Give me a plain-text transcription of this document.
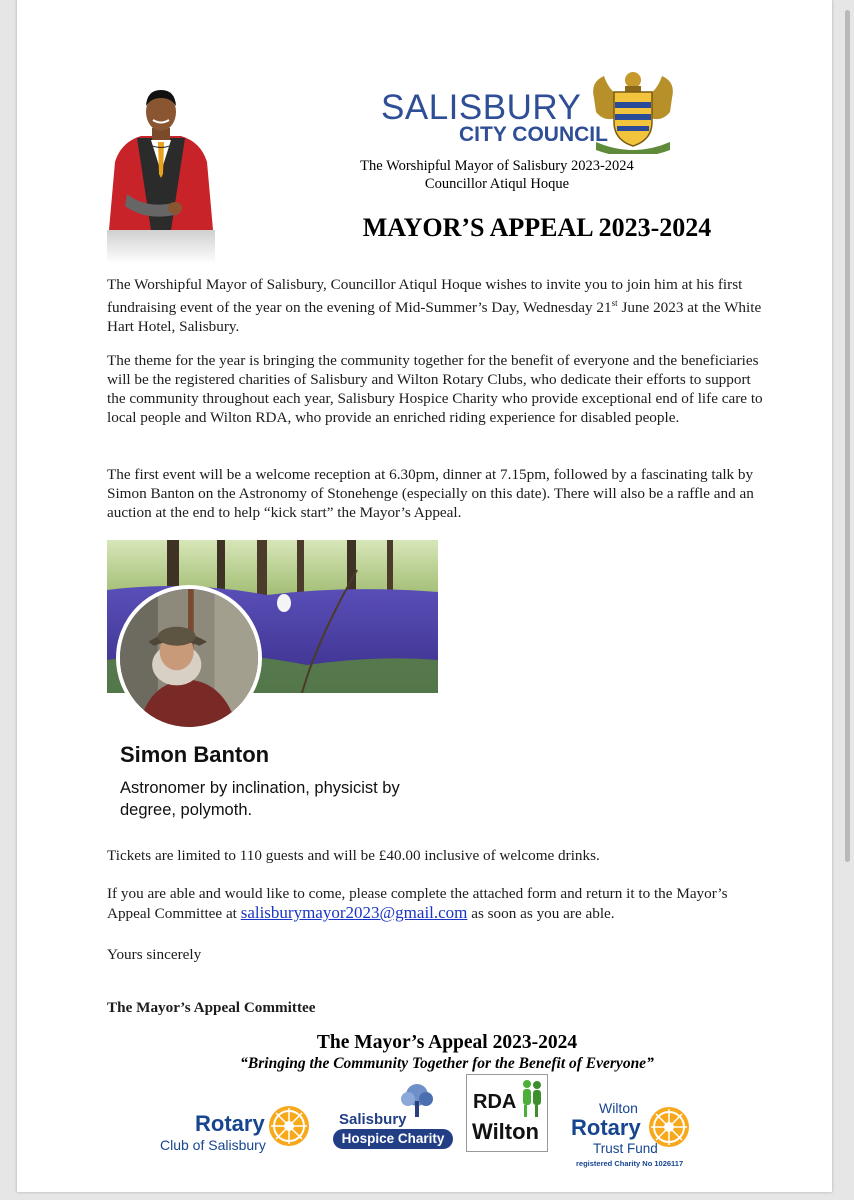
SALISBURY
CITY COUNCIL
The Worshipful Mayor of Salisbury 2023-2024
Councillor Atiqul Hoque
MAYOR’S APPEAL 2023-2024
The Worshipful Mayor of Salisbury, Councillor Atiqul Hoque wishes to invite you to join him at his first fundraising event of the year on the evening of Mid-Summer’s Day, Wednesday 21st June 2023 at the White Hart Hotel, Salisbury.
The theme for the year is bringing the community together for the benefit of everyone and the beneficiaries will be the registered charities of Salisbury and Wilton Rotary Clubs, who dedicate their efforts to support the community throughout each year, Salisbury Hospice Charity who provide exceptional end of life care to local people and Wilton RDA, who provide an enriched riding experience for disabled people.
The first event will be a welcome reception at 6.30pm, dinner at 7.15pm, followed by a fascinating talk by Simon Banton on the Astronomy of Stonehenge (especially on this date). There will also be a raffle and an auction at the end to help “kick start” the Mayor’s Appeal.
Simon Banton
Astronomer by inclination, physicist by degree, polymoth.
Tickets are limited to 110 guests and will be £40.00 inclusive of welcome drinks.
If you are able and would like to come, please complete the attached form and return it to the Mayor’s Appeal Committee at salisburymayor2023@gmail.com as soon as you are able.
Yours sincerely
The Mayor’s Appeal Committee
The Mayor’s Appeal 2023-2024
“Bringing the Community Together for the Benefit of Everyone”
Rotary
Club of Salisbury
Salisbury
Hospice Charity
RDA
Wilton
Wilton
Rotary
Trust Fund
registered Charity No 1026117
